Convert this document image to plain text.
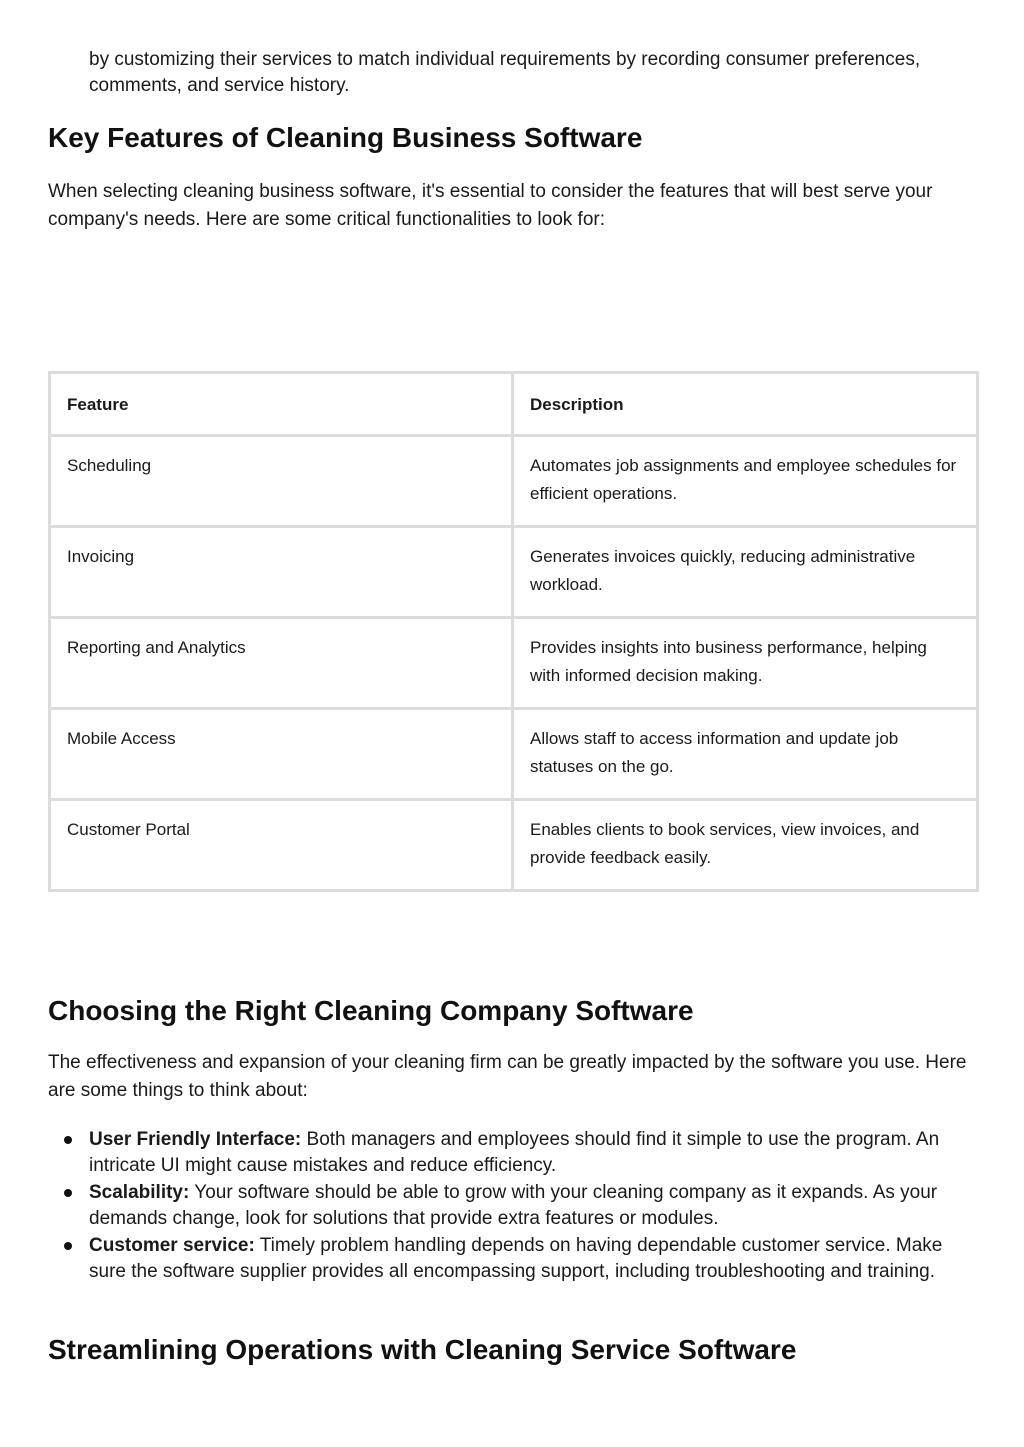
by customizing their services to match individual requirements by recording consumer preferences, comments, and service history.

Key Features of Cleaning Business Software

When selecting cleaning business software, it's essential to consider the features that will best serve your company's needs. Here are some critical functionalities to look for:

Feature	Description
Scheduling	Automates job assignments and employee schedules for efficient operations.
Invoicing	Generates invoices quickly, reducing administrative workload.
Reporting and Analytics	Provides insights into business performance, helping with informed decision making.
Mobile Access	Allows staff to access information and update job statuses on the go.
Customer Portal	Enables clients to book services, view invoices, and provide feedback easily.
Choosing the Right Cleaning Company Software

The effectiveness and expansion of your cleaning firm can be greatly impacted by the software you use. Here are some things to think about:

User Friendly Interface: Both managers and employees should find it simple to use the program. An intricate UI might cause mistakes and reduce efficiency.
Scalability: Your software should be able to grow with your cleaning company as it expands. As your demands change, look for solutions that provide extra features or modules.
Customer service: Timely problem handling depends on having dependable customer service. Make sure the software supplier provides all encompassing support, including troubleshooting and training.
Streamlining Operations with Cleaning Service Software
